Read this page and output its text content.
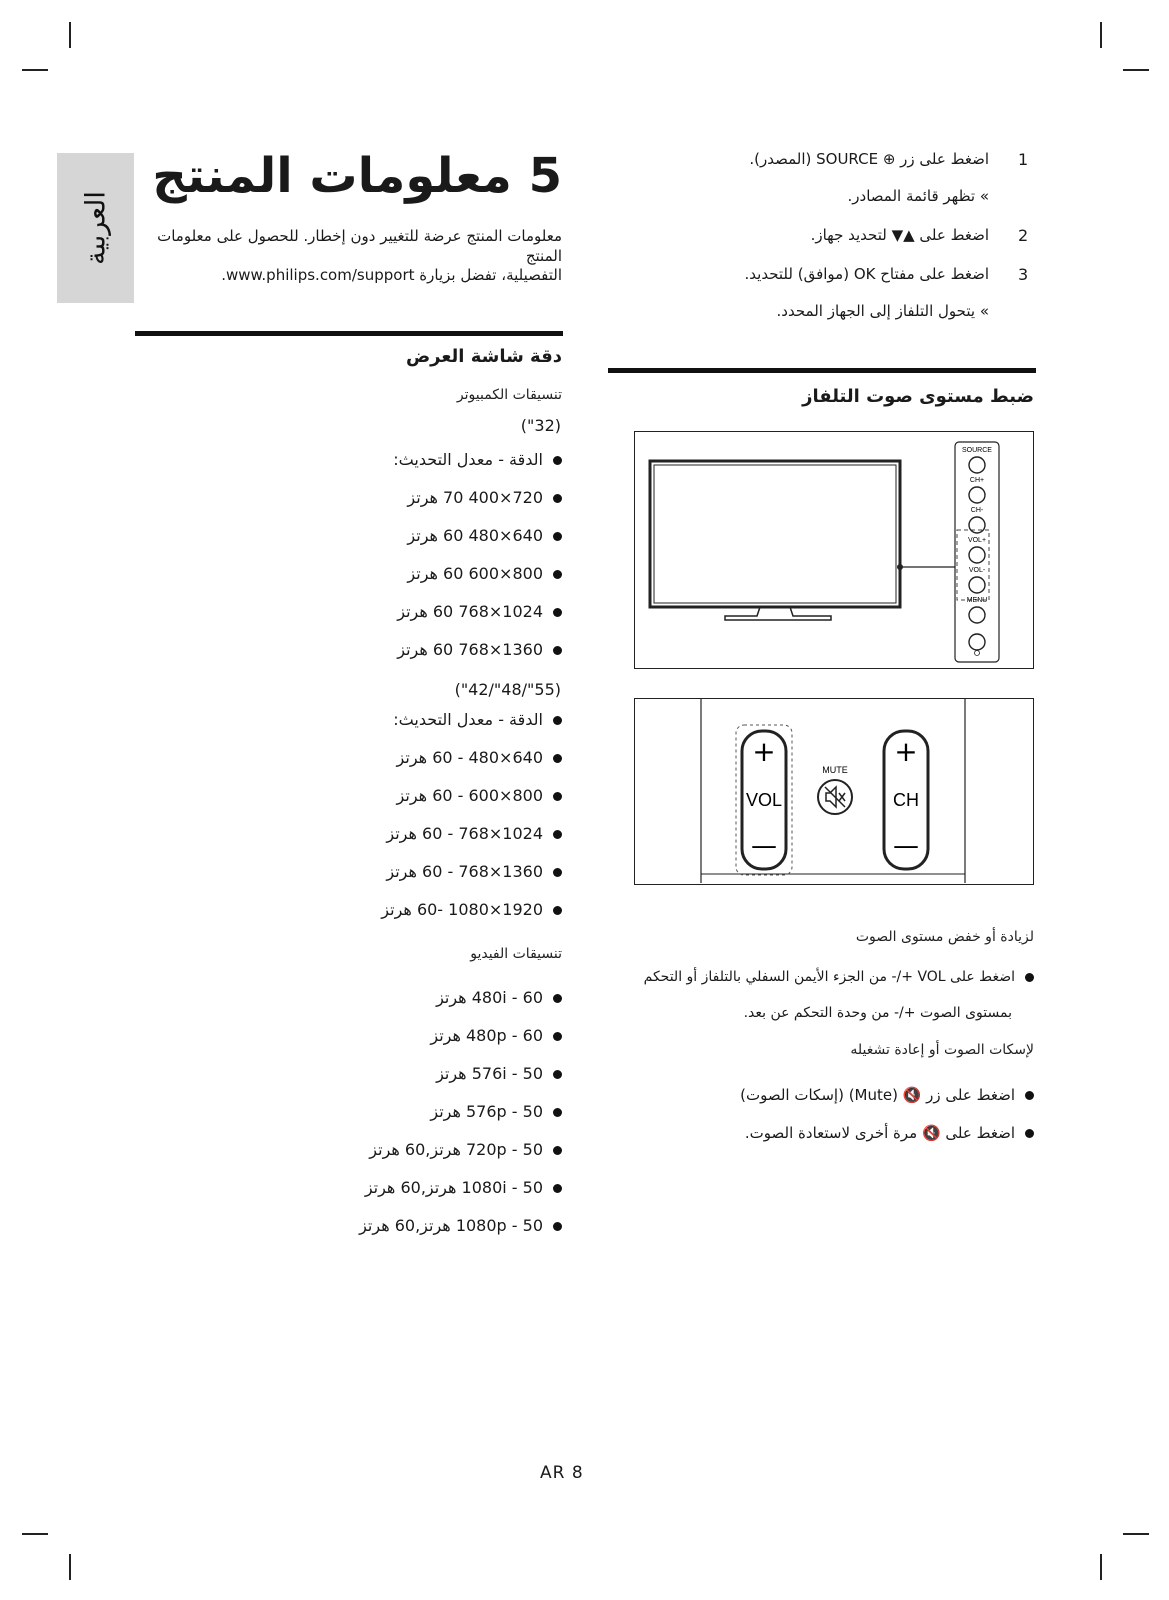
العربية
5 معلومات المنتج
معلومات المنتج عرضة للتغيير دون إخطار. للحصول على معلومات المنتج
التفصيلية، تفضل بزيارة www.philips.com/support.
دقة شاشة العرض
تنسيقات الكمبيوتر
("32)
الدقة - معدل التحديث:
720×400 70 هرتز
640×480 60 هرتز
800×600 60 هرتز
1024×768 60 هرتز
1360×768 60 هرتز
("42/"48/"55)
الدقة - معدل التحديث:
640×480 - 60 هرتز
800×600 - 60 هرتز
1024×768 - 60 هرتز
1360×768 - 60 هرتز
1920×1080 -60 هرتز
تنسيقات الفيديو
480i - 60 هرتز
480p - 60 هرتز
576i - 50 هرتز
576p - 50 هرتز
720p - 50 هرتز,60 هرتز
1080i - 50 هرتز,60 هرتز
1080p - 50 هرتز,60 هرتز
1
اضغط على زر ⊕ SOURCE (المصدر).
» تظهر قائمة المصادر.
2
اضغط على ▲▼ لتحديد جهاز.
3
اضغط على مفتاح OK (موافق) للتحديد.
» يتحول التلفاز إلى الجهاز المحدد.
ضبط مستوى صوت التلفاز
SOURCE
CH+
CH-
VOL+
VOL-
MENU
+
VOL
—
+
CH
—
MUTE
لزيادة أو خفض مستوى الصوت
اضغط على VOL +/- من الجزء الأيمن السفلي بالتلفاز أو التحكم
بمستوى الصوت +/- من وحدة التحكم عن بعد.
لإسكات الصوت أو إعادة تشغيله
اضغط على زر 🔇 (Mute) (إسكات الصوت)
اضغط على 🔇 مرة أخرى لاستعادة الصوت.
AR 8
